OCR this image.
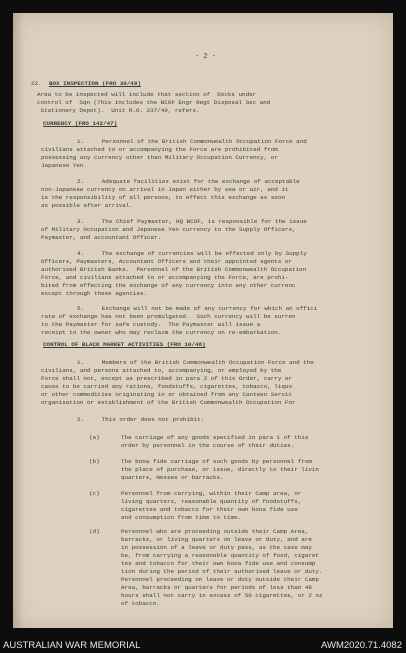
- 2 -
22. BOX INSPECTION (FRO 30/49)
Area to be inspected will include that section of  Docks under
control of  Sqn (This includes the BCOF Engr Regt Disposal Sec and
Stationery Depot).  Unit R.O. 237/49, refers.
CURRENCY (FRO 142/47)
1.     Personnel of the British Commonwealth Occupation Force and
civilians attached to or accompanying the Force are prohibited from
possessing any currency other than Military Occupation Currency, or
Japanese Yen.
2.     Adequate facilities exist for the exchange of acceptable
non-Japanese currency on arrival in Japan either by sea or air, and it
is the responsibility of all persons, to effect this exchange as soon
as possible after arrival.
3.     The Chief Paymaster, HQ BCOF, is responsible for the issue
of Military Occupation and Japanese Yen currency to the Supply Officers,
Paymaster, and accountant Officer.
4.     The exchange of currencies will be effected only by Supply
Officers, Paymasters, Accountant Officers and their appointed agents or
authorised British Banks.  Personnel of the British Commonwealth Occupation
Force, and civilians attached to or accompanying the Force, are prohi-
bited from effecting the exchange of any currency into any other currenc
except through these agencies.
5.     Exchange will not be made of any currency for which an offici
rate of exchange has not been promulgated.  Such currency will be surren
to the Paymaster for safe custody.  The Paymaster will issue a
receipt to the owner who may reclaim the currency on re-embarkation.
CONTROL OF BLACK MARKET ACTIVITIES (FRO 10/48)
1.     Members of the British Commonwealth Occupation Force and the
civilians, and persons attached to, accompanying, or employed by the
Force shall not, except as prescribed in para 2 of this Order, carry or
cause to be carried any rations, foodstuffs, cigarettes, tobacco, liquo
or other commodities originating in or obtained from any Canteen Servic
organisation or establishment of the British Commonwealth Occupation For
2.     This order does not prohibit:
(a)	The carriage of any goods specified in para 1 of this
order by personnel in the course of their duties.
(b)	The bona fide carriage of such goods by personnel from
the place of purchase, or issue, directly to their livin
quarters, messes or barracks.
(c)	Personnel from carrying, within their Camp area, or
living quarters, reasonable quantity of foodstuffs,
cigarettes and tobacco for their own bona fide use
and consumption from time to time.
(d)	Personnel who are proceeding outside their Camp Area,
barracks, or living quarters on leave or duty, and are
in possession of a leave or duty pass, as the case may
be, from carrying a reasonable quantity of food, cigaret
tes and tobacco for their own bona fide use and consump
tion during the period of their authorised leave or duty.
Personnel proceeding on leave or duty outside their Camp
Area, barracks or quarters for periods of less than 48
hours shall not carry in excess of 50 cigarettes, or 2 oz
of tobacco.
AUSTRALIAN WAR MEMORIAL	AWM2020.71.4082
